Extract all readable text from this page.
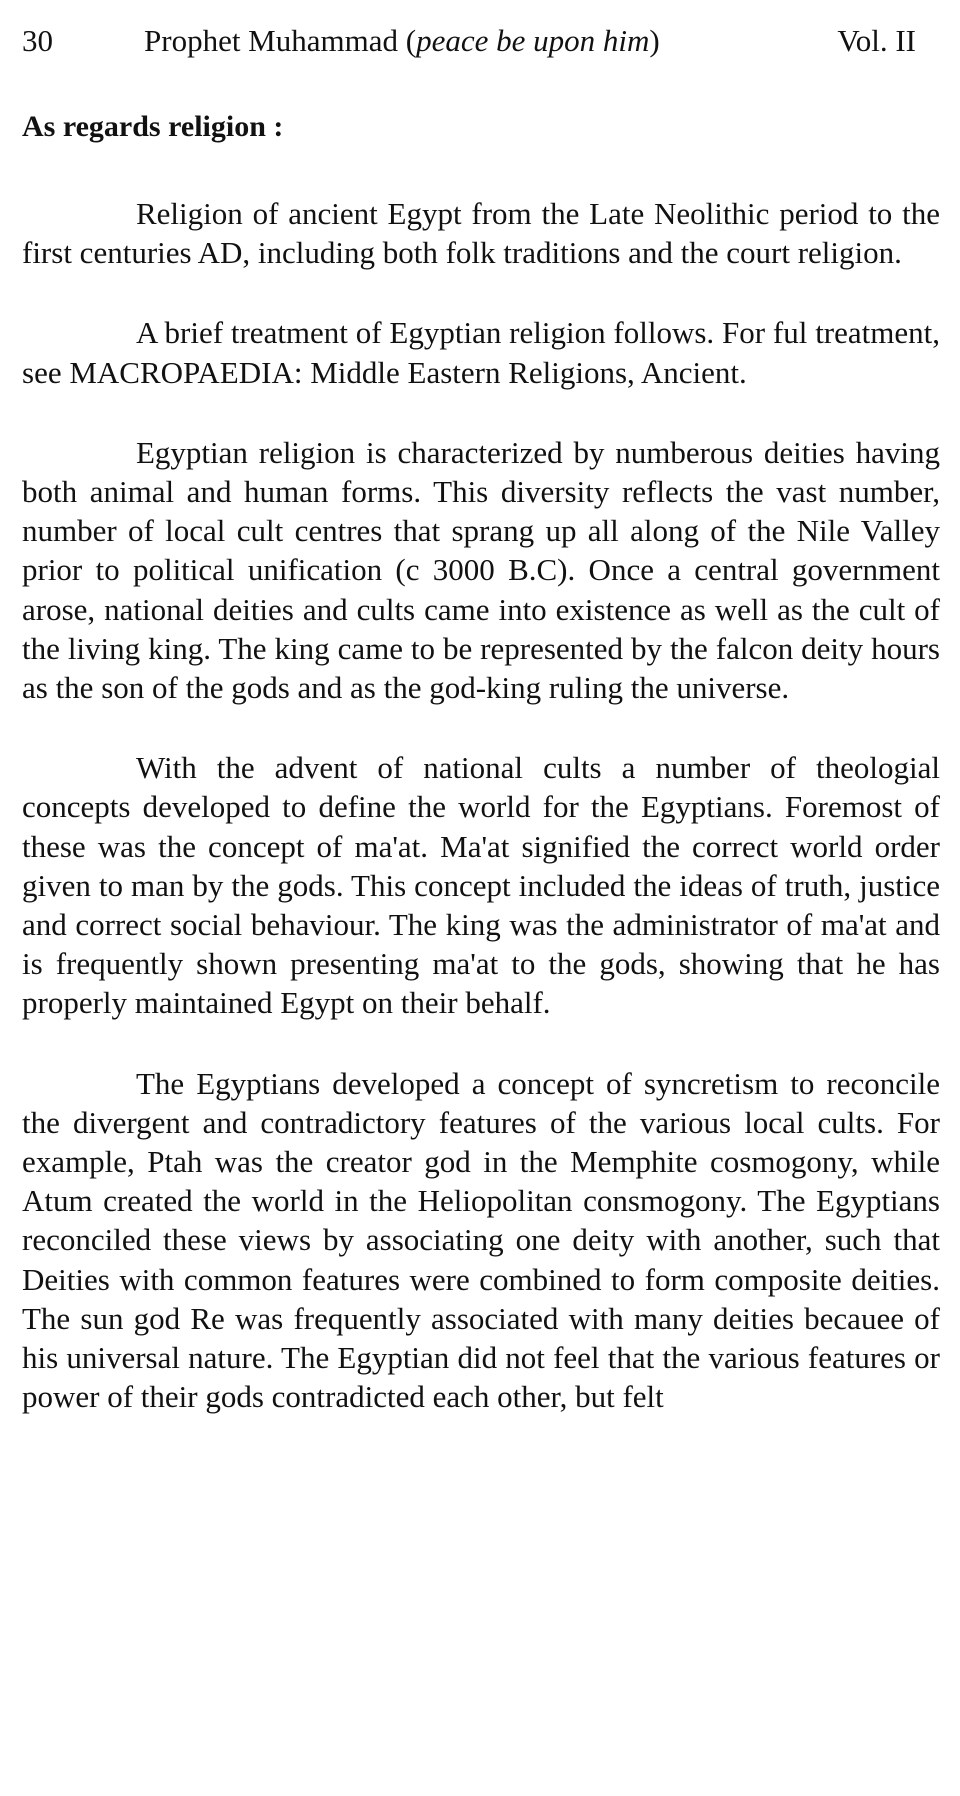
30	Prophet Muhammad (peace be upon him)	Vol. II
As regards religion :

Religion of ancient Egypt from the Late Neolithic period to the first centuries AD, including both folk traditions and the court religion.

A brief treatment of Egyptian religion follows. For ful treatment, see MACROPAEDIA: Middle Eastern Religions, Ancient.

Egyptian religion is characterized by numberous deities having both animal and human forms. This diversity reflects the vast number, number of local cult centres that sprang up all along of the Nile Valley prior to political unification (c 3000 B.C). Once a central government arose, national deities and cults came into existence as well as the cult of the living king. The king came to be represented by the falcon deity hours as the son of the gods and as the god-king ruling the universe.

With the advent of national cults a number of theologial concepts developed to define the world for the Egyptians. Foremost of these was the concept of ma'at. Ma'at signified the correct world order given to man by the gods. This concept included the ideas of truth, justice and correct social behaviour. The king was the administrator of ma'at and is frequently shown presenting ma'at to the gods, showing that he has properly maintained Egypt on their behalf.

The Egyptians developed a concept of syncretism to reconcile the divergent and contradictory features of the various local cults. For example, Ptah was the creator god in the Memphite cosmogony, while Atum created the world in the Heliopolitan consmogony. The Egyptians reconciled these views by associating one deity with another, such that Deities with common features were combined to form composite deities. The sun god Re was frequently associated with many deities becauee of his universal nature. The Egyptian did not feel that the various features or power of their gods contradicted each other, but felt
